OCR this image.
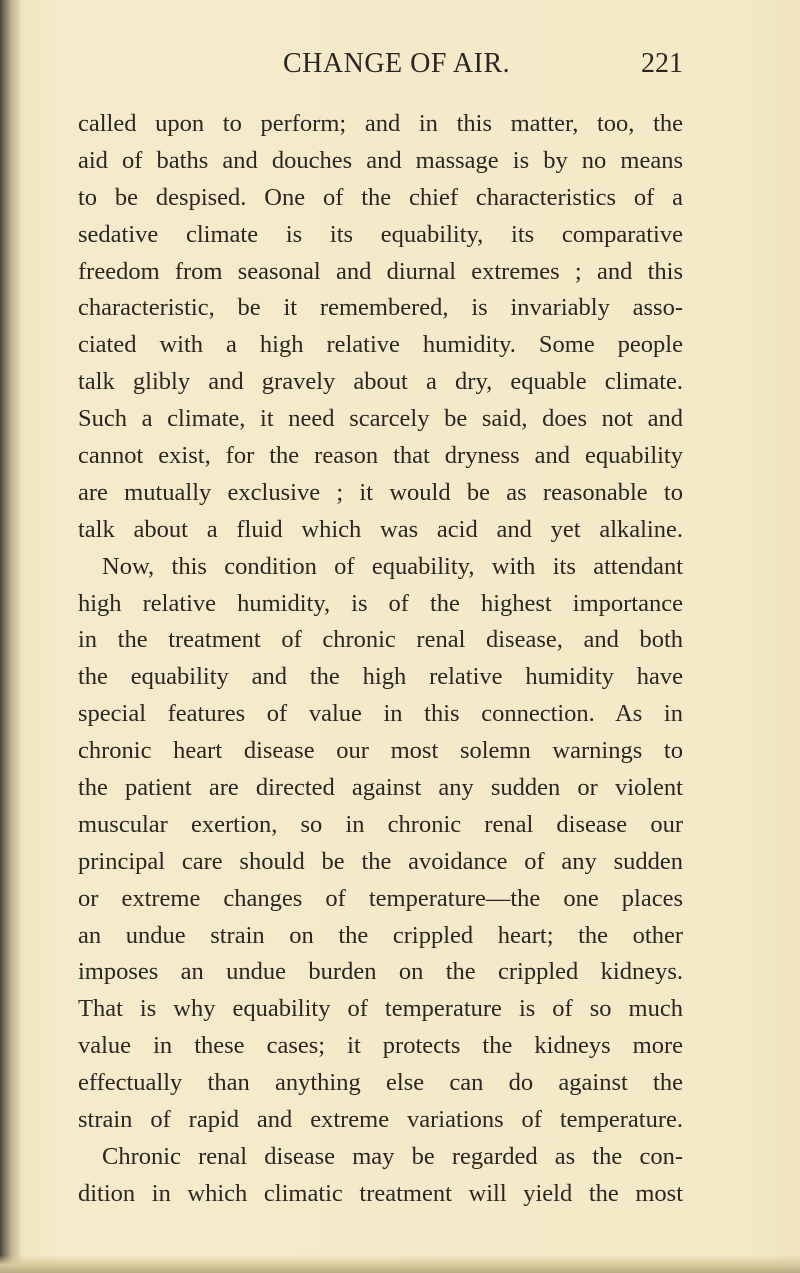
CHANGE OF AIR.	221
called upon to perform; and in this matter, too, the
aid of baths and douches and massage is by no means
to be despised. One of the chief characteristics of a
sedative climate is its equability, its comparative
freedom from seasonal and diurnal extremes ; and this
characteristic, be it remembered, is invariably asso-
ciated with a high relative humidity. Some people
talk glibly and gravely about a dry, equable climate.
Such a climate, it need scarcely be said, does not and
cannot exist, for the reason that dryness and equability
are mutually exclusive ; it would be as reasonable to
talk about a fluid which was acid and yet alkaline.
Now, this condition of equability, with its attendant
high relative humidity, is of the highest importance
in the treatment of chronic renal disease, and both
the equability and the high relative humidity have
special features of value in this connection. As in
chronic heart disease our most solemn warnings to
the patient are directed against any sudden or violent
muscular exertion, so in chronic renal disease our
principal care should be the avoidance of any sudden
or extreme changes of temperature—the one places
an undue strain on the crippled heart; the other
imposes an undue burden on the crippled kidneys.
That is why equability of temperature is of so much
value in these cases; it protects the kidneys more
effectually than anything else can do against the
strain of rapid and extreme variations of temperature.
Chronic renal disease may be regarded as the con-
dition in which climatic treatment will yield the most
